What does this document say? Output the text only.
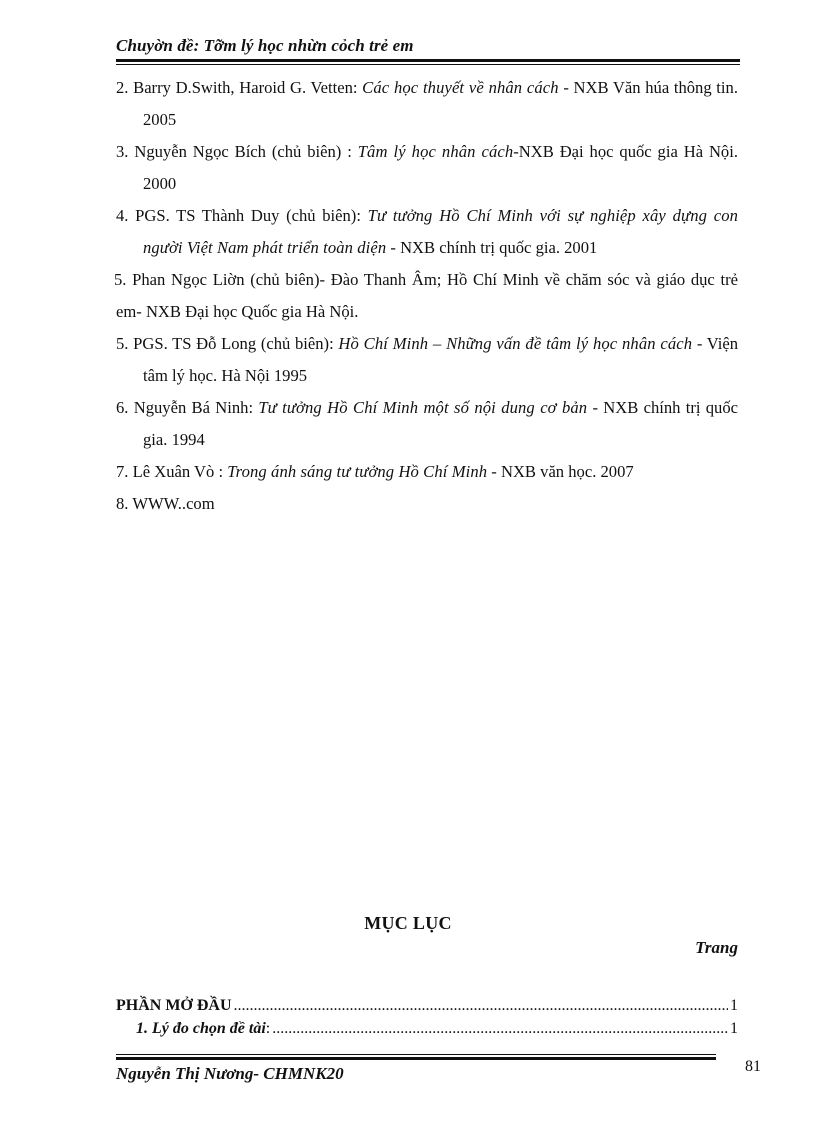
Chuyờn đề: Tỡm lý học nhừn cỏch trẻ em
2. Barry D.Swith, Haroid G. Vetten: Các học thuyết về nhân cách - NXB Văn húa thông tin. 2005
3. Nguyễn Ngọc Bích (chủ biên) : Tâm lý học nhân cách-NXB Đại học quốc gia Hà Nội. 2000
4. PGS. TS Thành Duy (chủ biên): Tư tưởng Hồ Chí Minh với sự nghiệp xây dựng con người Việt Nam phát triển toàn diện - NXB chính trị quốc gia. 2001
5. Phan Ngọc Liờn (chủ biên)- Đào Thanh Âm; Hồ Chí Minh về chăm sóc và giáo dục trẻ em- NXB Đại học Quốc gia Hà Nội.
5. PGS. TS Đỗ Long (chủ biên): Hồ Chí Minh – Những vấn đề tâm lý học nhân cách - Viện tâm lý học. Hà Nội 1995
6. Nguyễn Bá Ninh: Tư tưởng Hồ Chí Minh một số nội dung cơ bản - NXB chính trị quốc gia. 1994
7. Lê Xuân Vò : Trong ánh sáng tư tưởng Hồ Chí Minh - NXB văn học. 2007
8. WWW..com
MỤC LỤC
Trang
PHẦN MỞ ĐẦU .....	1
1. Lý đo chọn đề tài : .....	1
Nguyễn Thị Nương- CHMNK20	81
